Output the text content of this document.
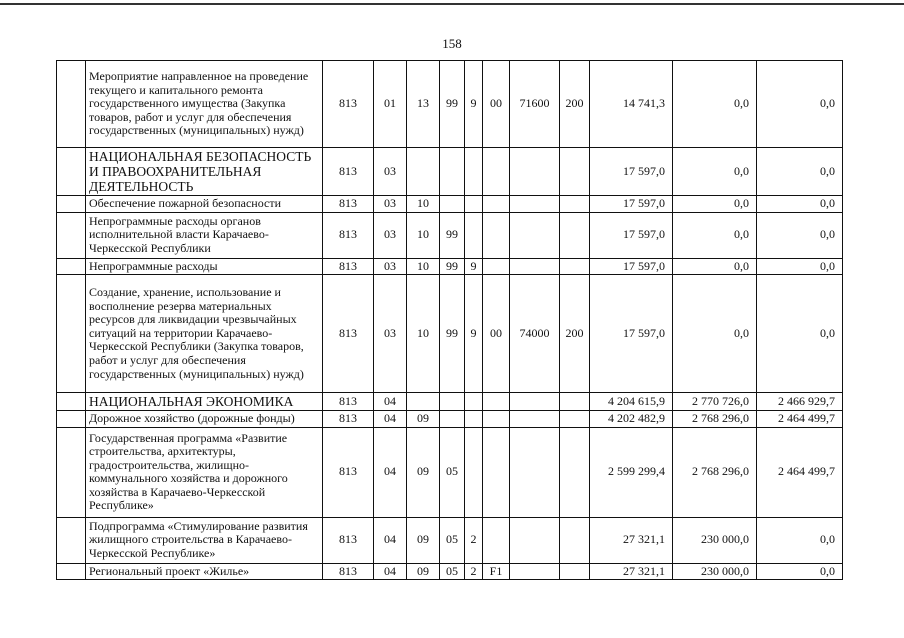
158
	Мероприятие направленное на проведение текущего и капитального ремонта государственного имущества (Закупка товаров, работ и услуг для обеспечения государственных (муниципальных) нужд)	813	01	13	99	9	00	71600	200	14 741,3	0,0	0,0
	НАЦИОНАЛЬНАЯ БЕЗОПАСНОСТЬ И ПРАВООХРАНИТЕЛЬНАЯ ДЕЯТЕЛЬНОСТЬ	813	03							17 597,0	0,0	0,0
	Обеспечение пожарной безопасности	813	03	10						17 597,0	0,0	0,0
	Непрограммные расходы органов исполнительной власти Карачаево-Черкесской Республики	813	03	10	99					17 597,0	0,0	0,0
	Непрограммные расходы	813	03	10	99	9				17 597,0	0,0	0,0
	Создание, хранение, использование и восполнение резерва материальных ресурсов для ликвидации чрезвычайных ситуаций на территории Карачаево-Черкесской Республики (Закупка товаров, работ и услуг для обеспечения государственных (муниципальных) нужд)	813	03	10	99	9	00	74000	200	17 597,0	0,0	0,0
	НАЦИОНАЛЬНАЯ ЭКОНОМИКА	813	04							4 204 615,9	2 770 726,0	2 466 929,7
	Дорожное хозяйство (дорожные фонды)	813	04	09						4 202 482,9	2 768 296,0	2 464 499,7
	Государственная программа «Развитие строительства, архитектуры, градостроительства, жилищно-коммунального хозяйства и дорожного хозяйства в Карачаево-Черкесской Республике»	813	04	09	05					2 599 299,4	2 768 296,0	2 464 499,7
	Подпрограмма «Стимулирование развития жилищного строительства в Карачаево-Черкесской Республике»	813	04	09	05	2				27 321,1	230 000,0	0,0
	Региональный проект «Жилье»	813	04	09	05	2	F1			27 321,1	230 000,0	0,0
